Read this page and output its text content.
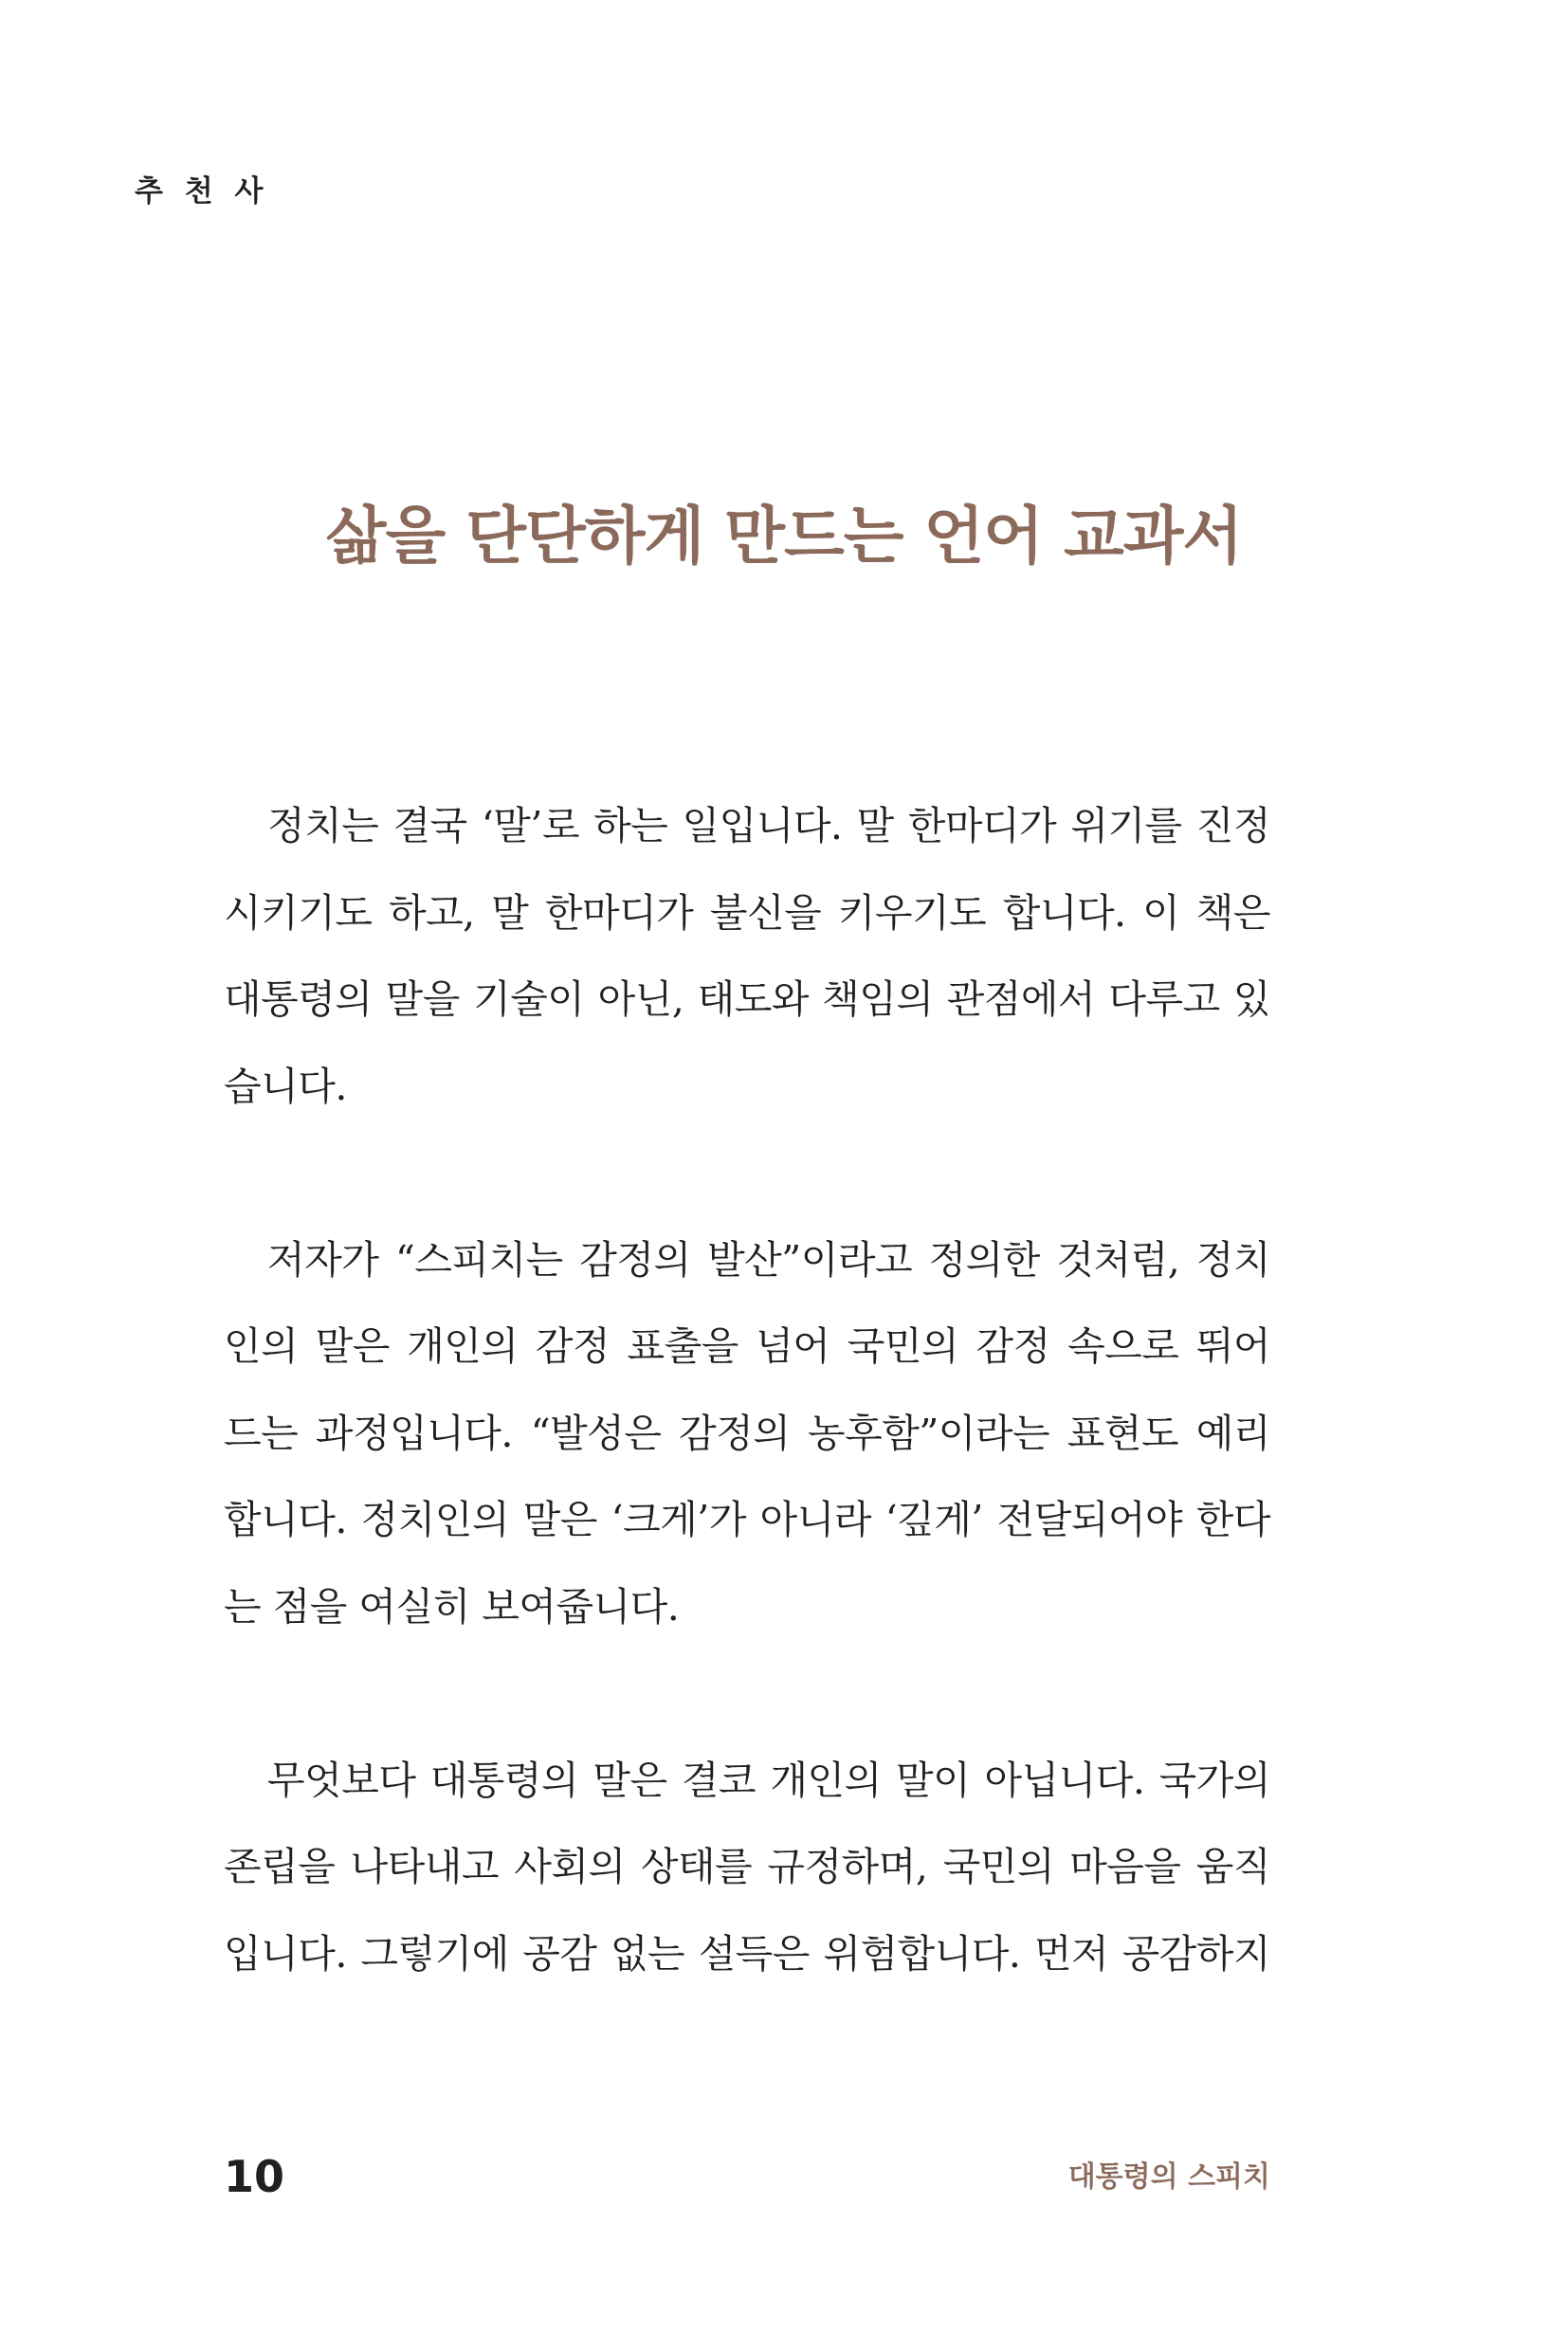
추 천 사
삶을 단단하게 만드는 언어 교과서
정치는 결국 ‘말’로 하는 일입니다. 말 한마디가 위기를 진정
시키기도 하고, 말 한마디가 불신을 키우기도 합니다. 이 책은
대통령의 말을 기술이 아닌, 태도와 책임의 관점에서 다루고 있
습니다.
저자가 “스피치는 감정의 발산”이라고 정의한 것처럼, 정치
인의 말은 개인의 감정 표출을 넘어 국민의 감정 속으로 뛰어
드는 과정입니다. “발성은 감정의 농후함”이라는 표현도 예리
합니다. 정치인의 말은 ‘크게’가 아니라 ‘깊게’ 전달되어야 한다
는 점을 여실히 보여줍니다.
무엇보다 대통령의 말은 결코 개인의 말이 아닙니다. 국가의
존립을 나타내고 사회의 상태를 규정하며, 국민의 마음을 움직
입니다. 그렇기에 공감 없는 설득은 위험합니다. 먼저 공감하지
10	대통령의 스피치
